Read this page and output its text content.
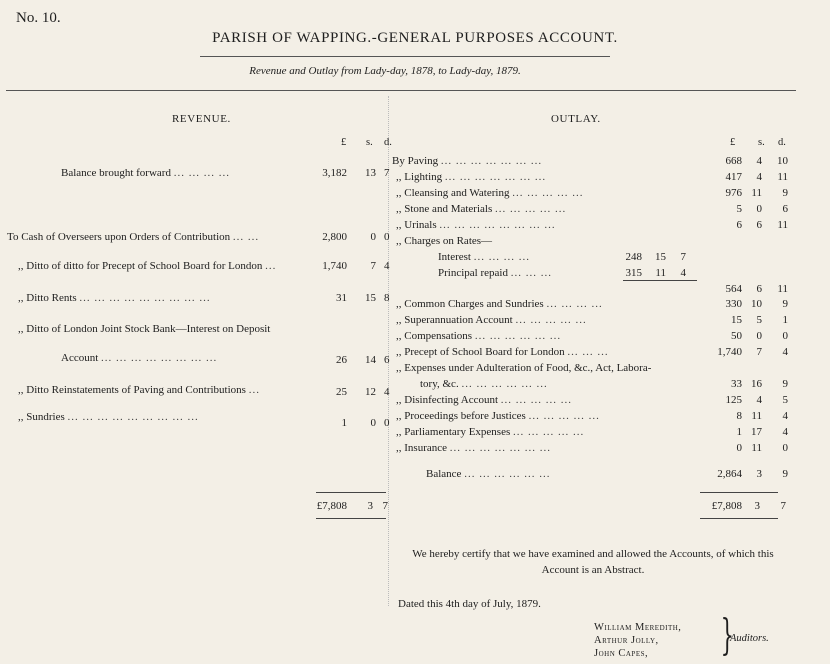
No. 10.
PARISH OF WAPPING.-GENERAL PURPOSES ACCOUNT.
Revenue and Outlay from Lady-day, 1878, to Lady-day, 1879.
REVENUE.
£ s. d.
OUTLAY.
£ s. d.
Balance brought forward ... ... ... ...	3,182 13 7
To Cash of Overseers upon Orders of Contribution ... ...	2,800 0 0
,, Ditto of ditto for Precept of School Board for London ...	1,740 7 4
,, Ditto Rents ... ... ... ... ... ... ... ... ...	31 15 8
,, Ditto of London Joint Stock Bank—Interest on Deposit
Account ... ... ... ... ... ... ... ...	26 14 6
,, Ditto Reinstatements of Paving and Contributions ...	25 12 4
,, Sundries ... ... ... ... ... ... ... ... ...	1 0 0
£7,808 3 7
By Paving ... ... ... ... ... ... ...	668 4 10
,, Lighting ... ... ... ... ... ... ...	417 4 11
,, Cleansing and Watering ... ... ... ... ...	976 11 9
,, Stone and Materials ... ... ... ... ...	5 0 6
,, Urinals ... ... ... ... ... ... ... ...	6 6 11
,, Charges on Rates—
Interest ... ... ... ...	248 15 7
Principal repaid ... ... ...	315 11 4
564 6 11
,, Common Charges and Sundries ... ... ... ...	330 10 9
,, Superannuation Account ... ... ... ... ...	15 5 1
,, Compensations ... ... ... ... ... ...	50 0 0
,, Precept of School Board for London ... ... ...	1,740 7 4
,, Expenses under Adulteration of Food, &c., Act, Labora-
tory, &c. ... ... ... ... ... ...	33 16 9
,, Disinfecting Account ... ... ... ... ...	125 4 5
,, Proceedings before Justices ... ... ... ... ...	8 11 4
,, Parliamentary Expenses ... ... ... ... ...	1 17 4
,, Insurance ... ... ... ... ... ... ...	0 11 0
Balance ... ... ... ... ... ...	2,864 3 9
£7,808 3 7
We hereby certify that we have examined and allowed the Accounts, of which this Account is an Abstract.
Dated this 4th day of July, 1879.
William Meredith,
Arthur Jolly,
John Capes,	}
Auditors.
